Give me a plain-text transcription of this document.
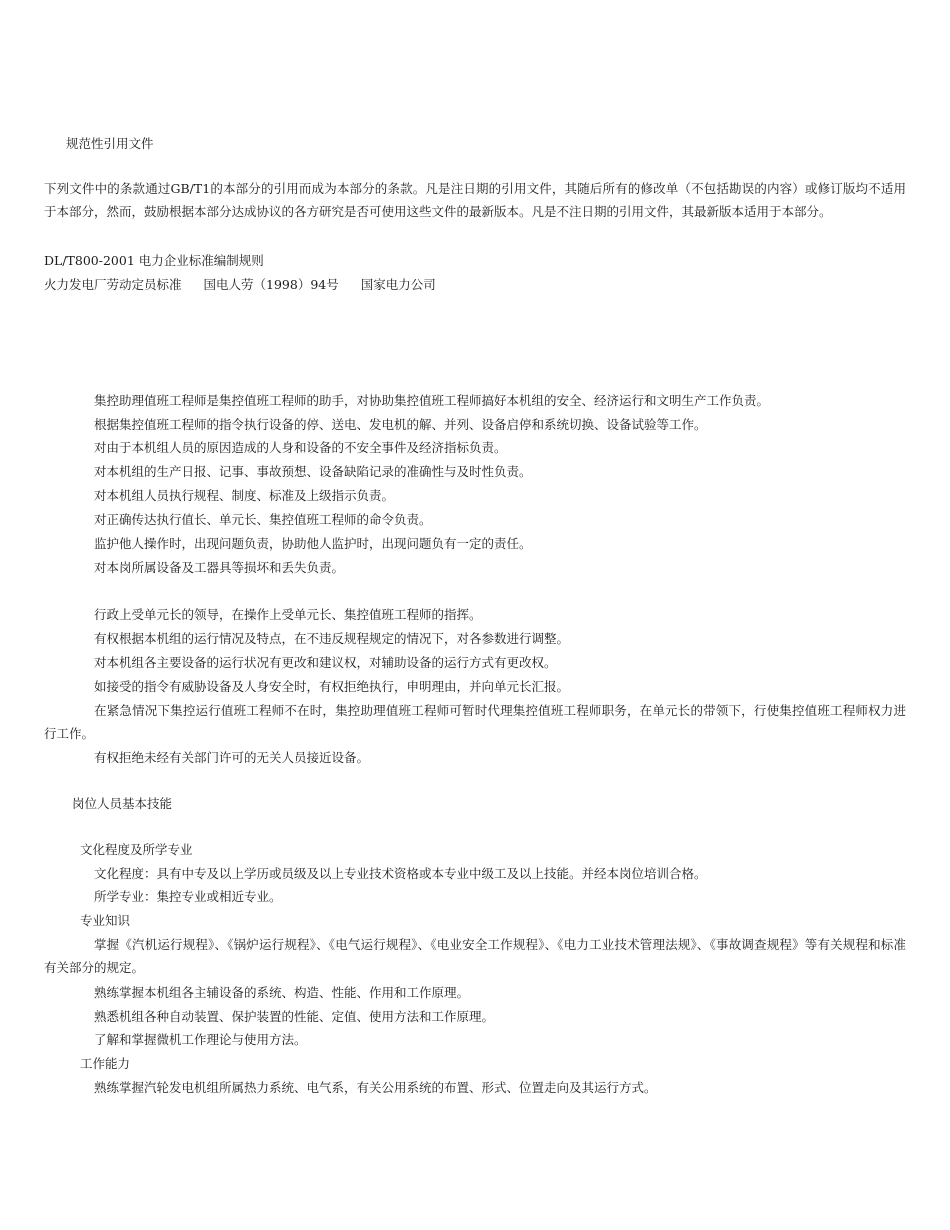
规范性引用文件
下列文件中的条款通过GB/T1的本部分的引用而成为本部分的条款。凡是注日期的引用文件，其随后所有的修改单（不包括勘误的内容）或修订版均不适用于本部分，然而，鼓励根据本部分达成协议的各方研究是否可使用这些文件的最新版本。凡是不注日期的引用文件，其最新版本适用于本部分。
DL/T800-2001 电力企业标准编制规则
火力发电厂劳动定员标准 国电人劳（1998）94号 国家电力公司
集控助理值班工程师是集控值班工程师的助手，对协助集控值班工程师搞好本机组的安全、经济运行和文明生产工作负责。
根据集控值班工程师的指令执行设备的停、送电、发电机的解、并列、设备启停和系统切换、设备试验等工作。
对由于本机组人员的原因造成的人身和设备的不安全事件及经济指标负责。
对本机组的生产日报、记事、事故预想、设备缺陷记录的准确性与及时性负责。
对本机组人员执行规程、制度、标准及上级指示负责。
对正确传达执行值长、单元长、集控值班工程师的命令负责。
监护他人操作时，出现问题负责，协助他人监护时，出现问题负有一定的责任。
对本岗所属设备及工器具等损坏和丢失负责。
行政上受单元长的领导，在操作上受单元长、集控值班工程师的指挥。
有权根据本机组的运行情况及特点，在不违反规程规定的情况下，对各参数进行调整。
对本机组各主要设备的运行状况有更改和建议权，对辅助设备的运行方式有更改权。
如接受的指令有威胁设备及人身安全时，有权拒绝执行，申明理由，并向单元长汇报。
在紧急情况下集控运行值班工程师不在时，集控助理值班工程师可暂时代理集控值班工程师职务，在单元长的带领下，行使集控值班工程师权力进行工作。
有权拒绝未经有关部门许可的无关人员接近设备。
岗位人员基本技能
文化程度及所学专业
文化程度：具有中专及以上学历或员级及以上专业技术资格或本专业中级工及以上技能。并经本岗位培训合格。
所学专业：集控专业或相近专业。
专业知识
掌握《汽机运行规程》、《锅炉运行规程》、《电气运行规程》、《电业安全工作规程》、《电力工业技术管理法规》、《事故调查规程》等有关规程和标准有关部分的规定。
熟练掌握本机组各主辅设备的系统、构造、性能、作用和工作原理。
熟悉机组各种自动装置、保护装置的性能、定值、使用方法和工作原理。
了解和掌握微机工作理论与使用方法。
工作能力
熟练掌握汽轮发电机组所属热力系统、电气系，有关公用系统的布置、形式、位置走向及其运行方式。
